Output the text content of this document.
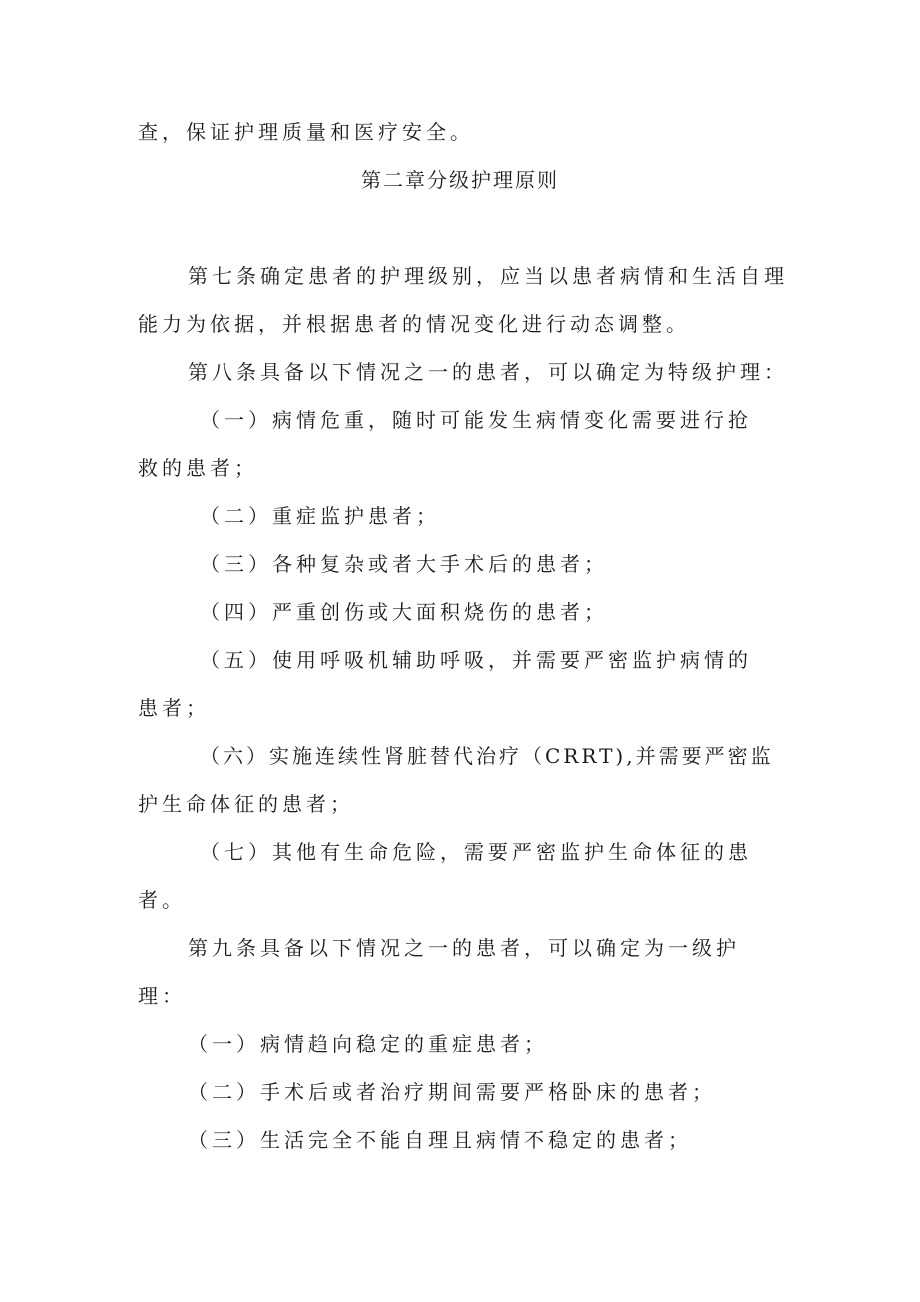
查，保证护理质量和医疗安全。
第二章分级护理原则
第七条确定患者的护理级别，应当以患者病情和生活自理
能力为依据，并根据患者的情况变化进行动态调整。
第八条具备以下情况之一的患者，可以确定为特级护理：
（一）病情危重，随时可能发生病情变化需要进行抢
救的患者；
（二）重症监护患者；
（三）各种复杂或者大手术后的患者；
（四）严重创伤或大面积烧伤的患者；
（五）使用呼吸机辅助呼吸，并需要严密监护病情的
患者；
（六）实施连续性肾脏替代治疗（CRRT),并需要严密监
护生命体征的患者；
（七）其他有生命危险，需要严密监护生命体征的患
者。
第九条具备以下情况之一的患者，可以确定为一级护
理：
（一）病情趋向稳定的重症患者；
（二）手术后或者治疗期间需要严格卧床的患者；
（三）生活完全不能自理且病情不稳定的患者；
